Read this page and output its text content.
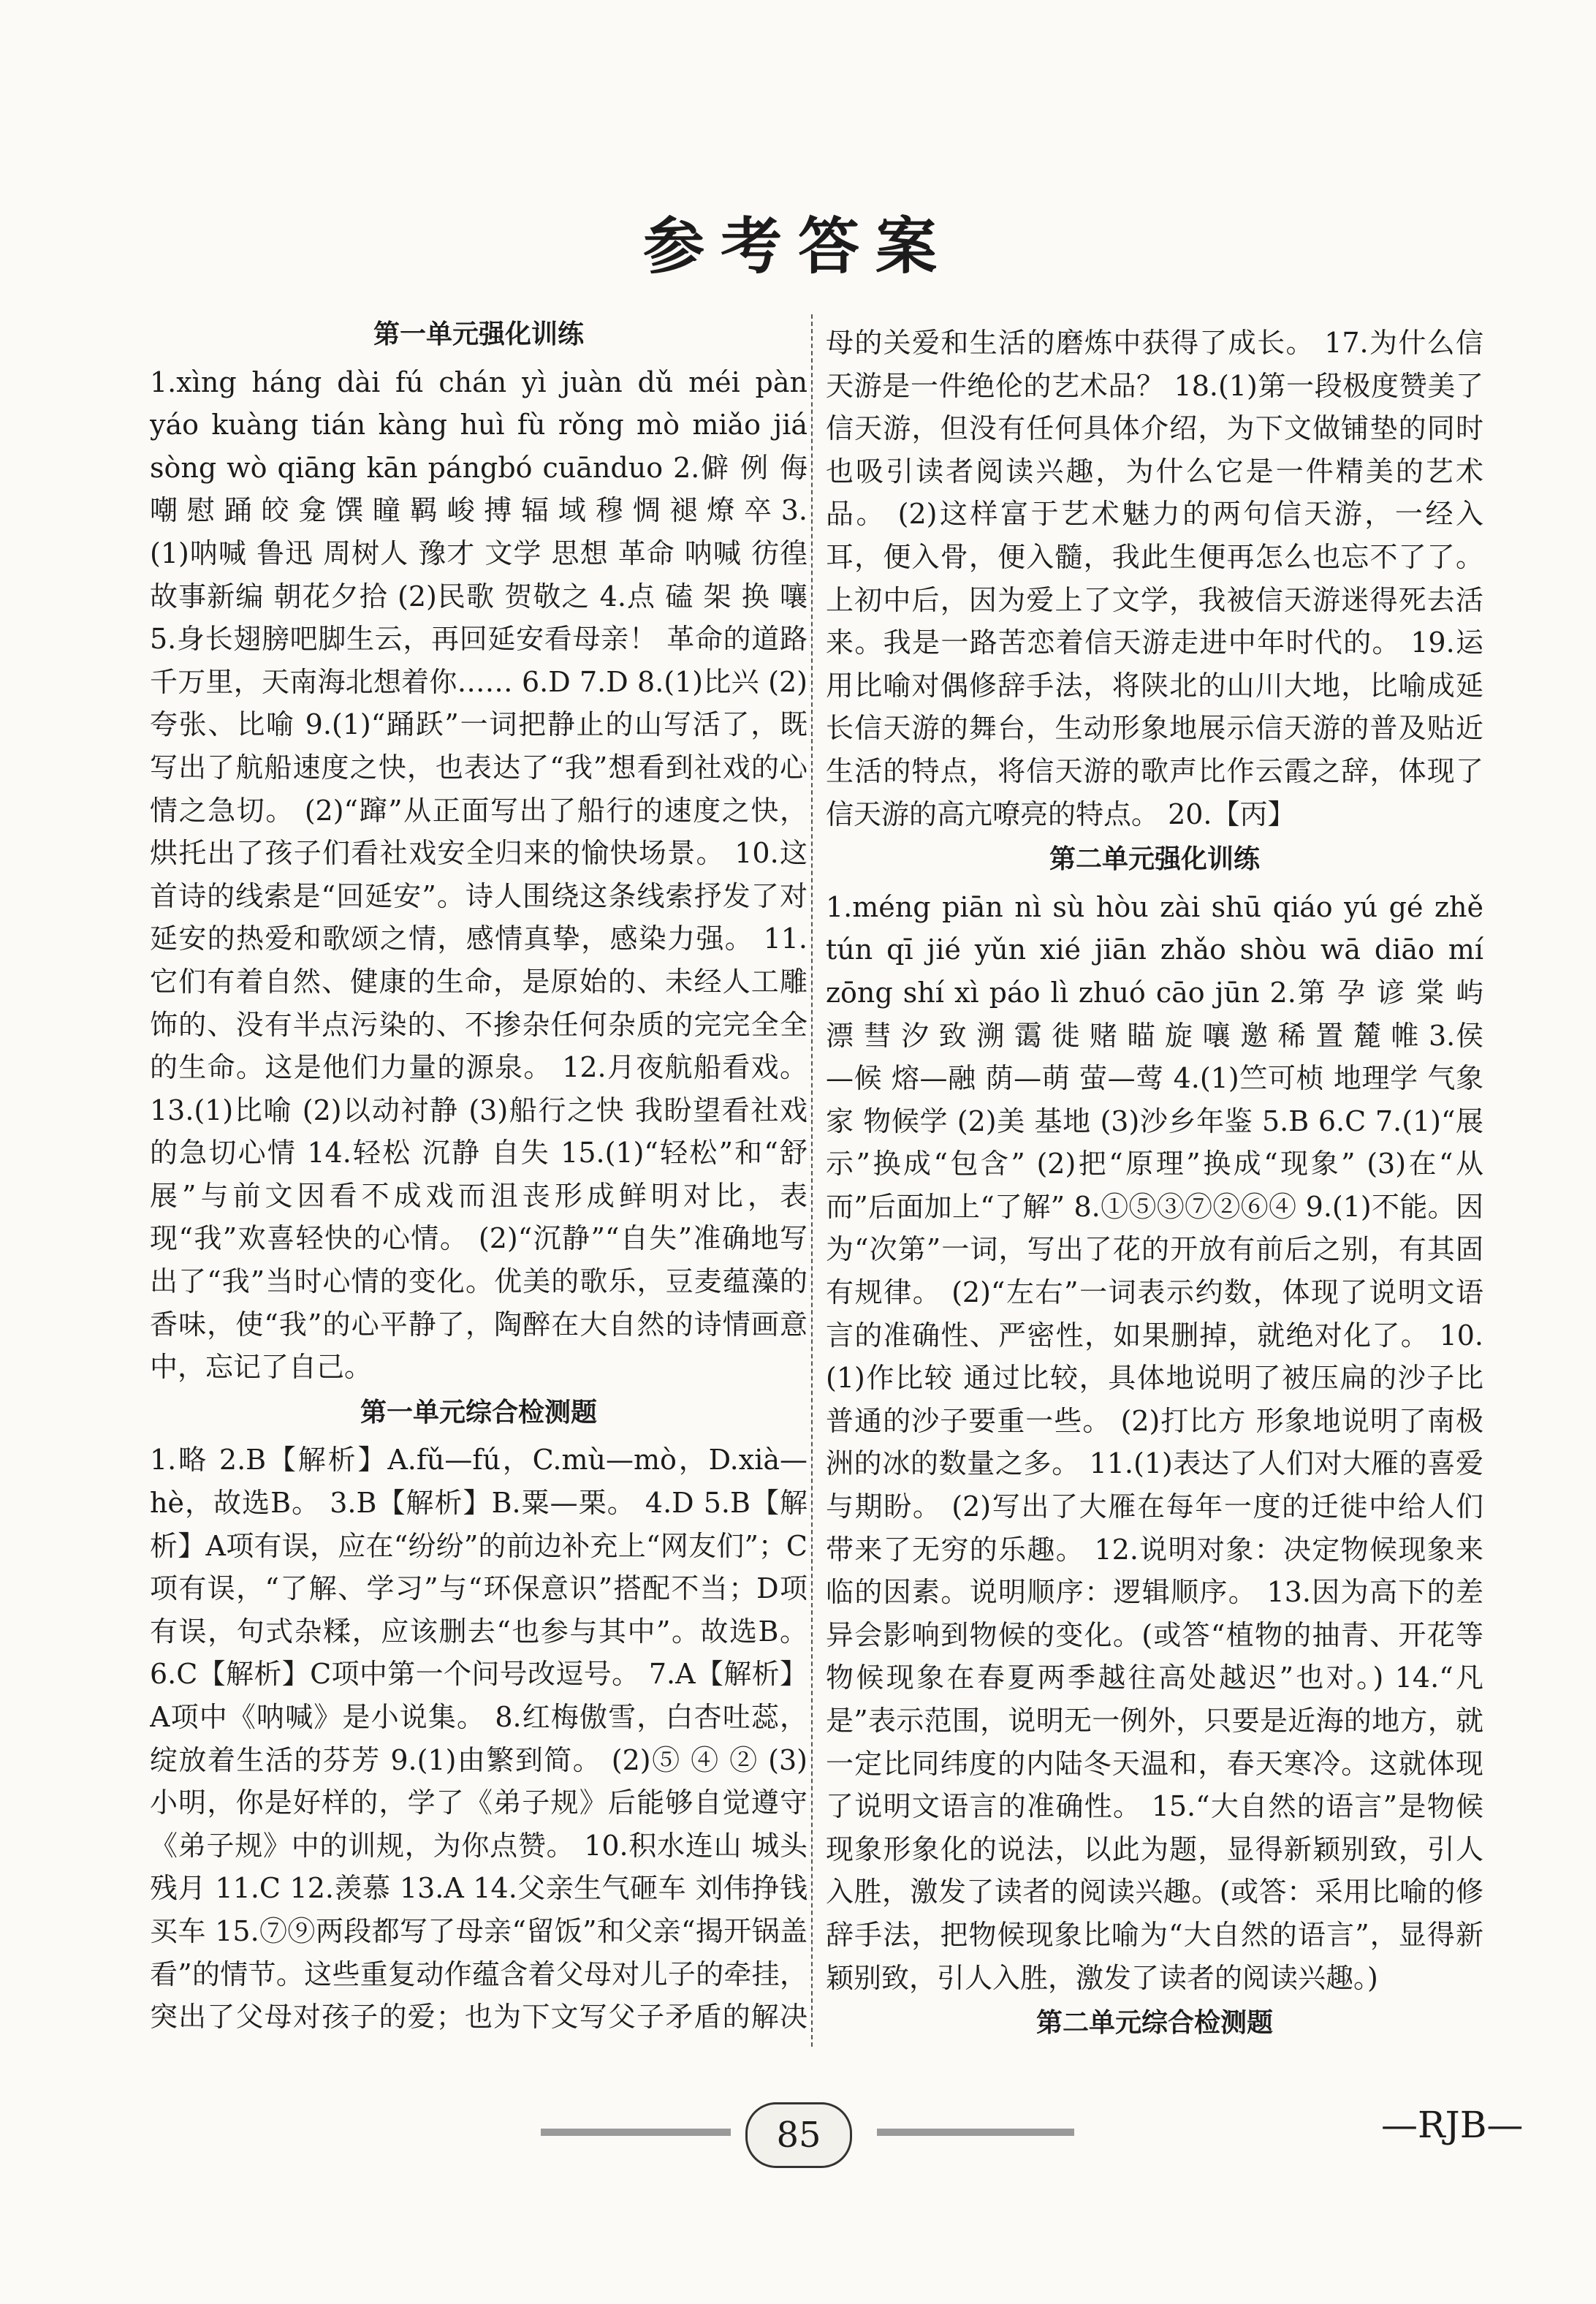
参考答案
第一单元强化训练

1.xìng háng dài fú chán yì juàn dǔ méi pàn yáo kuàng tián kàng huì fù rǒng mò miǎo jiá sòng wò qiāng kān pángbó cuāndu​o 2.僻 例 侮 嘲 慰 踊 皎 龛 馔 瞳 羁 峻 搏 辐 域 穆 惆 褪 燎 卒 3.(1)呐喊 鲁迅 周树人 豫才 文学 思想 革命 呐喊 彷徨 故事新编 朝花夕拾 (2)民歌 贺敬之 4.点 磕 架 换 嚷 5.身长翅膀吧脚生云，再回延安看母亲！ 革命的道路千万里，天南海北想着你…… 6.D 7.D 8.(1)比兴 (2)夸张、比喻 9.(1)“踊跃”一词把静止的山写活了，既写出了航船速度之快，也表达了“我”想看到社戏的心情之急切。 (2)“蹿”从正面写出了船行的速度之快，烘托出了孩子们看社戏安全归来的愉快场景。 10.这首诗的线索是“回延安”。诗人围绕这条线索抒发了对延安的热爱和歌颂之情，感情真挚，感染力强。 11.它们有着自然、健康的生命，是原始的、未经人工雕饰的、没有半点污染的、不掺杂任何杂质的完完全全的生命。这是他们力量的源泉。 12.月夜航船看戏。 13.(1)比喻 (2)以动衬静 (3)船行之快 我盼望看社戏的急切心情 14.轻松 沉静 自失 15.(1)“轻松”和“舒展”与前文因看不成戏而沮丧形成鲜明对比，表现“我”欢喜轻快的心情。 (2)“沉静”“自失”准确地写出了“我”当时心情的变化。优美的歌乐，豆麦蕴藻的香味，使“我”的心平静了，陶醉在大自然的诗情画意中，忘记了自己。

第一单元综合检测题

1.略 2.B【解析】A.fǔ—fú，C.mù—mò，D.xià—hè，故选B。 3.B【解析】B.粟—栗。 4.D 5.B【解析】A项有误，应在“纷纷”的前边补充上“网友们”；C项有误，“了解、学习”与“环保意识”搭配不当；D项有误，句式杂糅，应该删去“也参与其中”。故选B。 6.C【解析】C项中第一个问号改逗号。 7.A【解析】A项中《呐喊》是小说集。 8.红梅傲雪，白杏吐蕊，绽放着生活的芬芳 9.(1)由繁到简。 (2)⑤ ④ ② (3)小明，你是好样的，学了《弟子规》后能够自觉遵守《弟子规》中的训规，为你点赞。 10.积水连山 城头残月 11.C 12.羡慕 13.A 14.父亲生气砸车 刘伟挣钱买车 15.⑦⑨两段都写了母亲“留饭”和父亲“揭开锅盖看”的情节。这些重复动作蕴含着父母对儿子的牵挂，突出了父母对孩子的爱；也为下文写父子矛盾的解决

母的关爱和生活的磨炼中获得了成长。 17.为什么信天游是一件绝伦的艺术品？ 18.(1)第一段极度赞美了信天游，但没有任何具体介绍，为下文做铺垫的同时也吸引读者阅读兴趣，为什么它是一件精美的艺术品。 (2)这样富于艺术魅力的两句信天游，一经入耳，便入骨，便入髓，我此生便再怎么也忘不了了。上初中后，因为爱上了文学，我被信天游迷得死去活来。我是一路苦恋着信天游走进中年时代的。 19.运用比喻对偶修辞手法，将陕北的山川大地，比喻成延长信天游的舞台，生动形象地展示信天游的普及贴近生活的特点，将信天游的歌声比作云霞之辞，体现了信天游的高亢嘹亮的特点。 20.【丙】

第二单元强化训练

1.méng piān nì sù hòu zài shū qiáo yú gé zhě tún qī jié yǔn xié jiān zhǎo shòu wā diāo mí zōng shí xì páo lì zhuó cāo jūn 2.第 孕 谚 棠 屿 漂 彗 汐 致 溯 霭 徙 赌 瞄 旋 嚷 邀 稀 置 麓 帷 3.侯—候 熔—融 荫—萌 萤—莺 4.(1)竺可桢 地理学 气象家 物候学 (2)美 基地 (3)沙乡年鉴 5.B 6.C 7.(1)“展示”换成“包含” (2)把“原理”换成“现象” (3)在“从而”后面加上“了解” 8.①⑤③⑦②⑥④ 9.(1)不能。因为“次第”一词，写出了花的开放有前后之别，有其固有规律。 (2)“左右”一词表示约数，体现了说明文语言的准确性、严密性，如果删掉，就绝对化了。 10.(1)作比较 通过比较，具体地说明了被压扁的沙子比普通的沙子要重一些。 (2)打比方 形象地说明了南极洲的冰的数量之多。 11.(1)表达了人们对大雁的喜爱与期盼。 (2)写出了大雁在每年一度的迁徙中给人们带来了无穷的乐趣。 12.说明对象：决定物候现象来临的因素。说明顺序：逻辑顺序。 13.因为高下的差异会影响到物候的变化。(或答“植物的抽青、开花等物候现象在春夏两季越往高处越迟”也对。) 14.“凡是”表示范围，说明无一例外，只要是近海的地方，就一定比同纬度的内陆冬天温和，春天寒冷。这就体现了说明文语言的准确性。 15.“大自然的语言”是物候现象形象化的说法，以此为题，显得新颖别致，引人入胜，激发了读者的阅读兴趣。(或答：采用比喻的修辞手法，把物候现象比喻为“大自然的语言”，显得新颖别致，引人入胜，激发了读者的阅读兴趣。)

第二单元综合检测题

85	—RJB—
